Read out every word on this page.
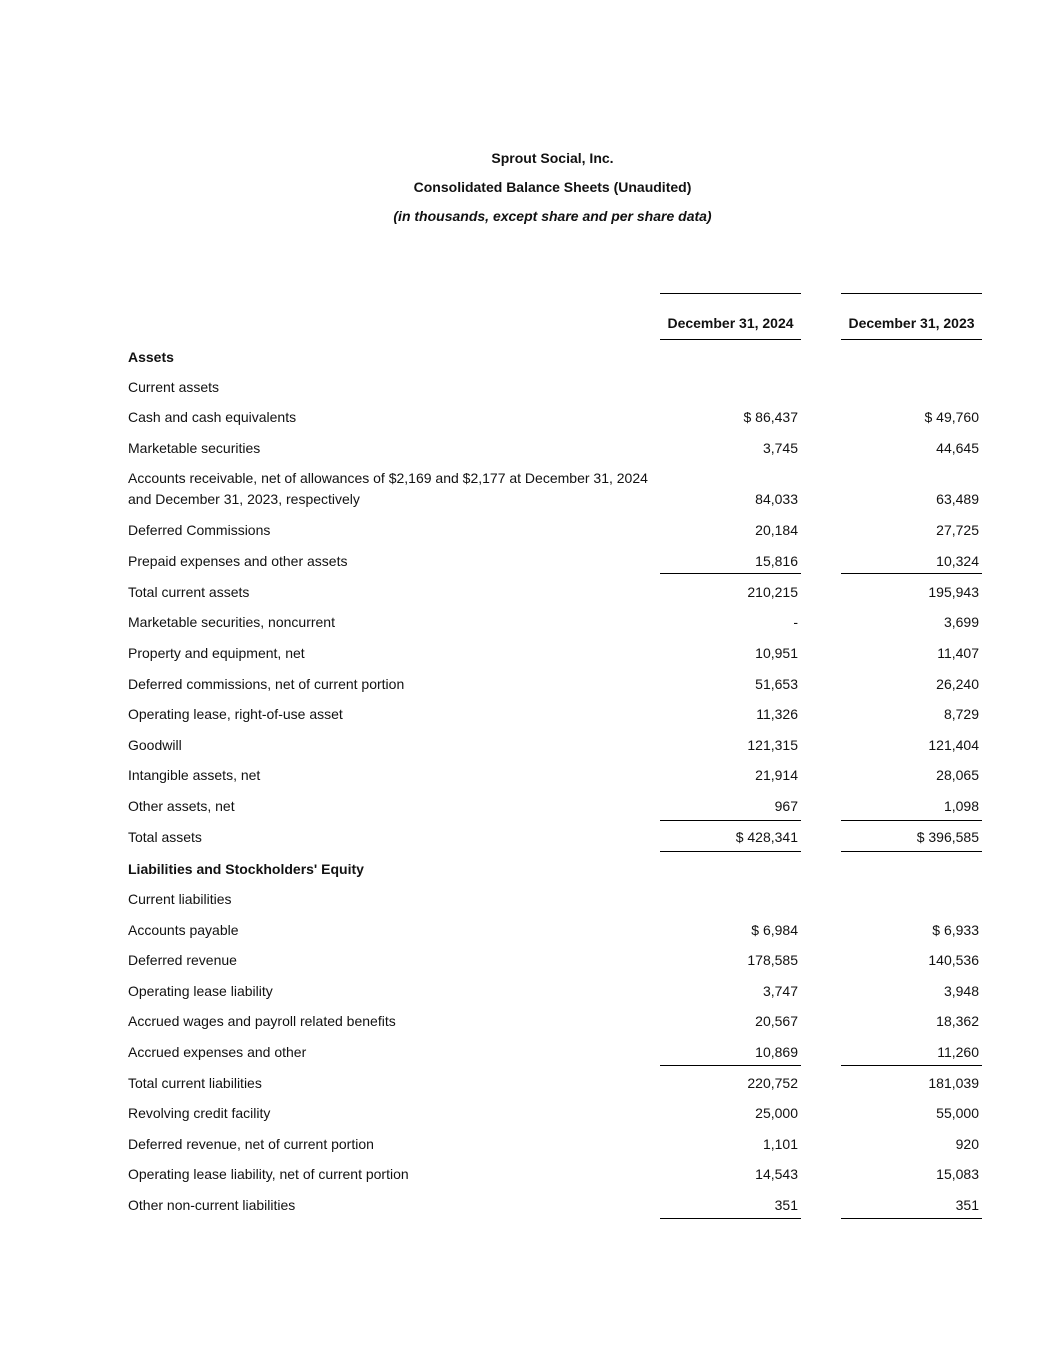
Sprout Social, Inc.
Consolidated Balance Sheets (Unaudited)
(in thousands, except share and per share data)
December 31, 2024	December 31, 2023
Assets
Current assets
Cash and cash equivalents	$ 86,437	$ 49,760
Marketable securities	3,745	44,645
Accounts receivable, net of allowances of $2,169 and $2,177 at December 31, 2024
and December 31, 2023, respectively	84,033	63,489
Deferred Commissions	20,184	27,725
Prepaid expenses and other assets	15,816	10,324
Total current assets	210,215	195,943
Marketable securities, noncurrent	-	3,699
Property and equipment, net	10,951	11,407
Deferred commissions, net of current portion	51,653	26,240
Operating lease, right-of-use asset	11,326	8,729
Goodwill	121,315	121,404
Intangible assets, net	21,914	28,065
Other assets, net	967	1,098
Total assets	$ 428,341	$ 396,585
Liabilities and Stockholders' Equity
Current liabilities
Accounts payable	$ 6,984	$ 6,933
Deferred revenue	178,585	140,536
Operating lease liability	3,747	3,948
Accrued wages and payroll related benefits	20,567	18,362
Accrued expenses and other	10,869	11,260
Total current liabilities	220,752	181,039
Revolving credit facility	25,000	55,000
Deferred revenue, net of current portion	1,101	920
Operating lease liability, net of current portion	14,543	15,083
Other non-current liabilities	351	351
